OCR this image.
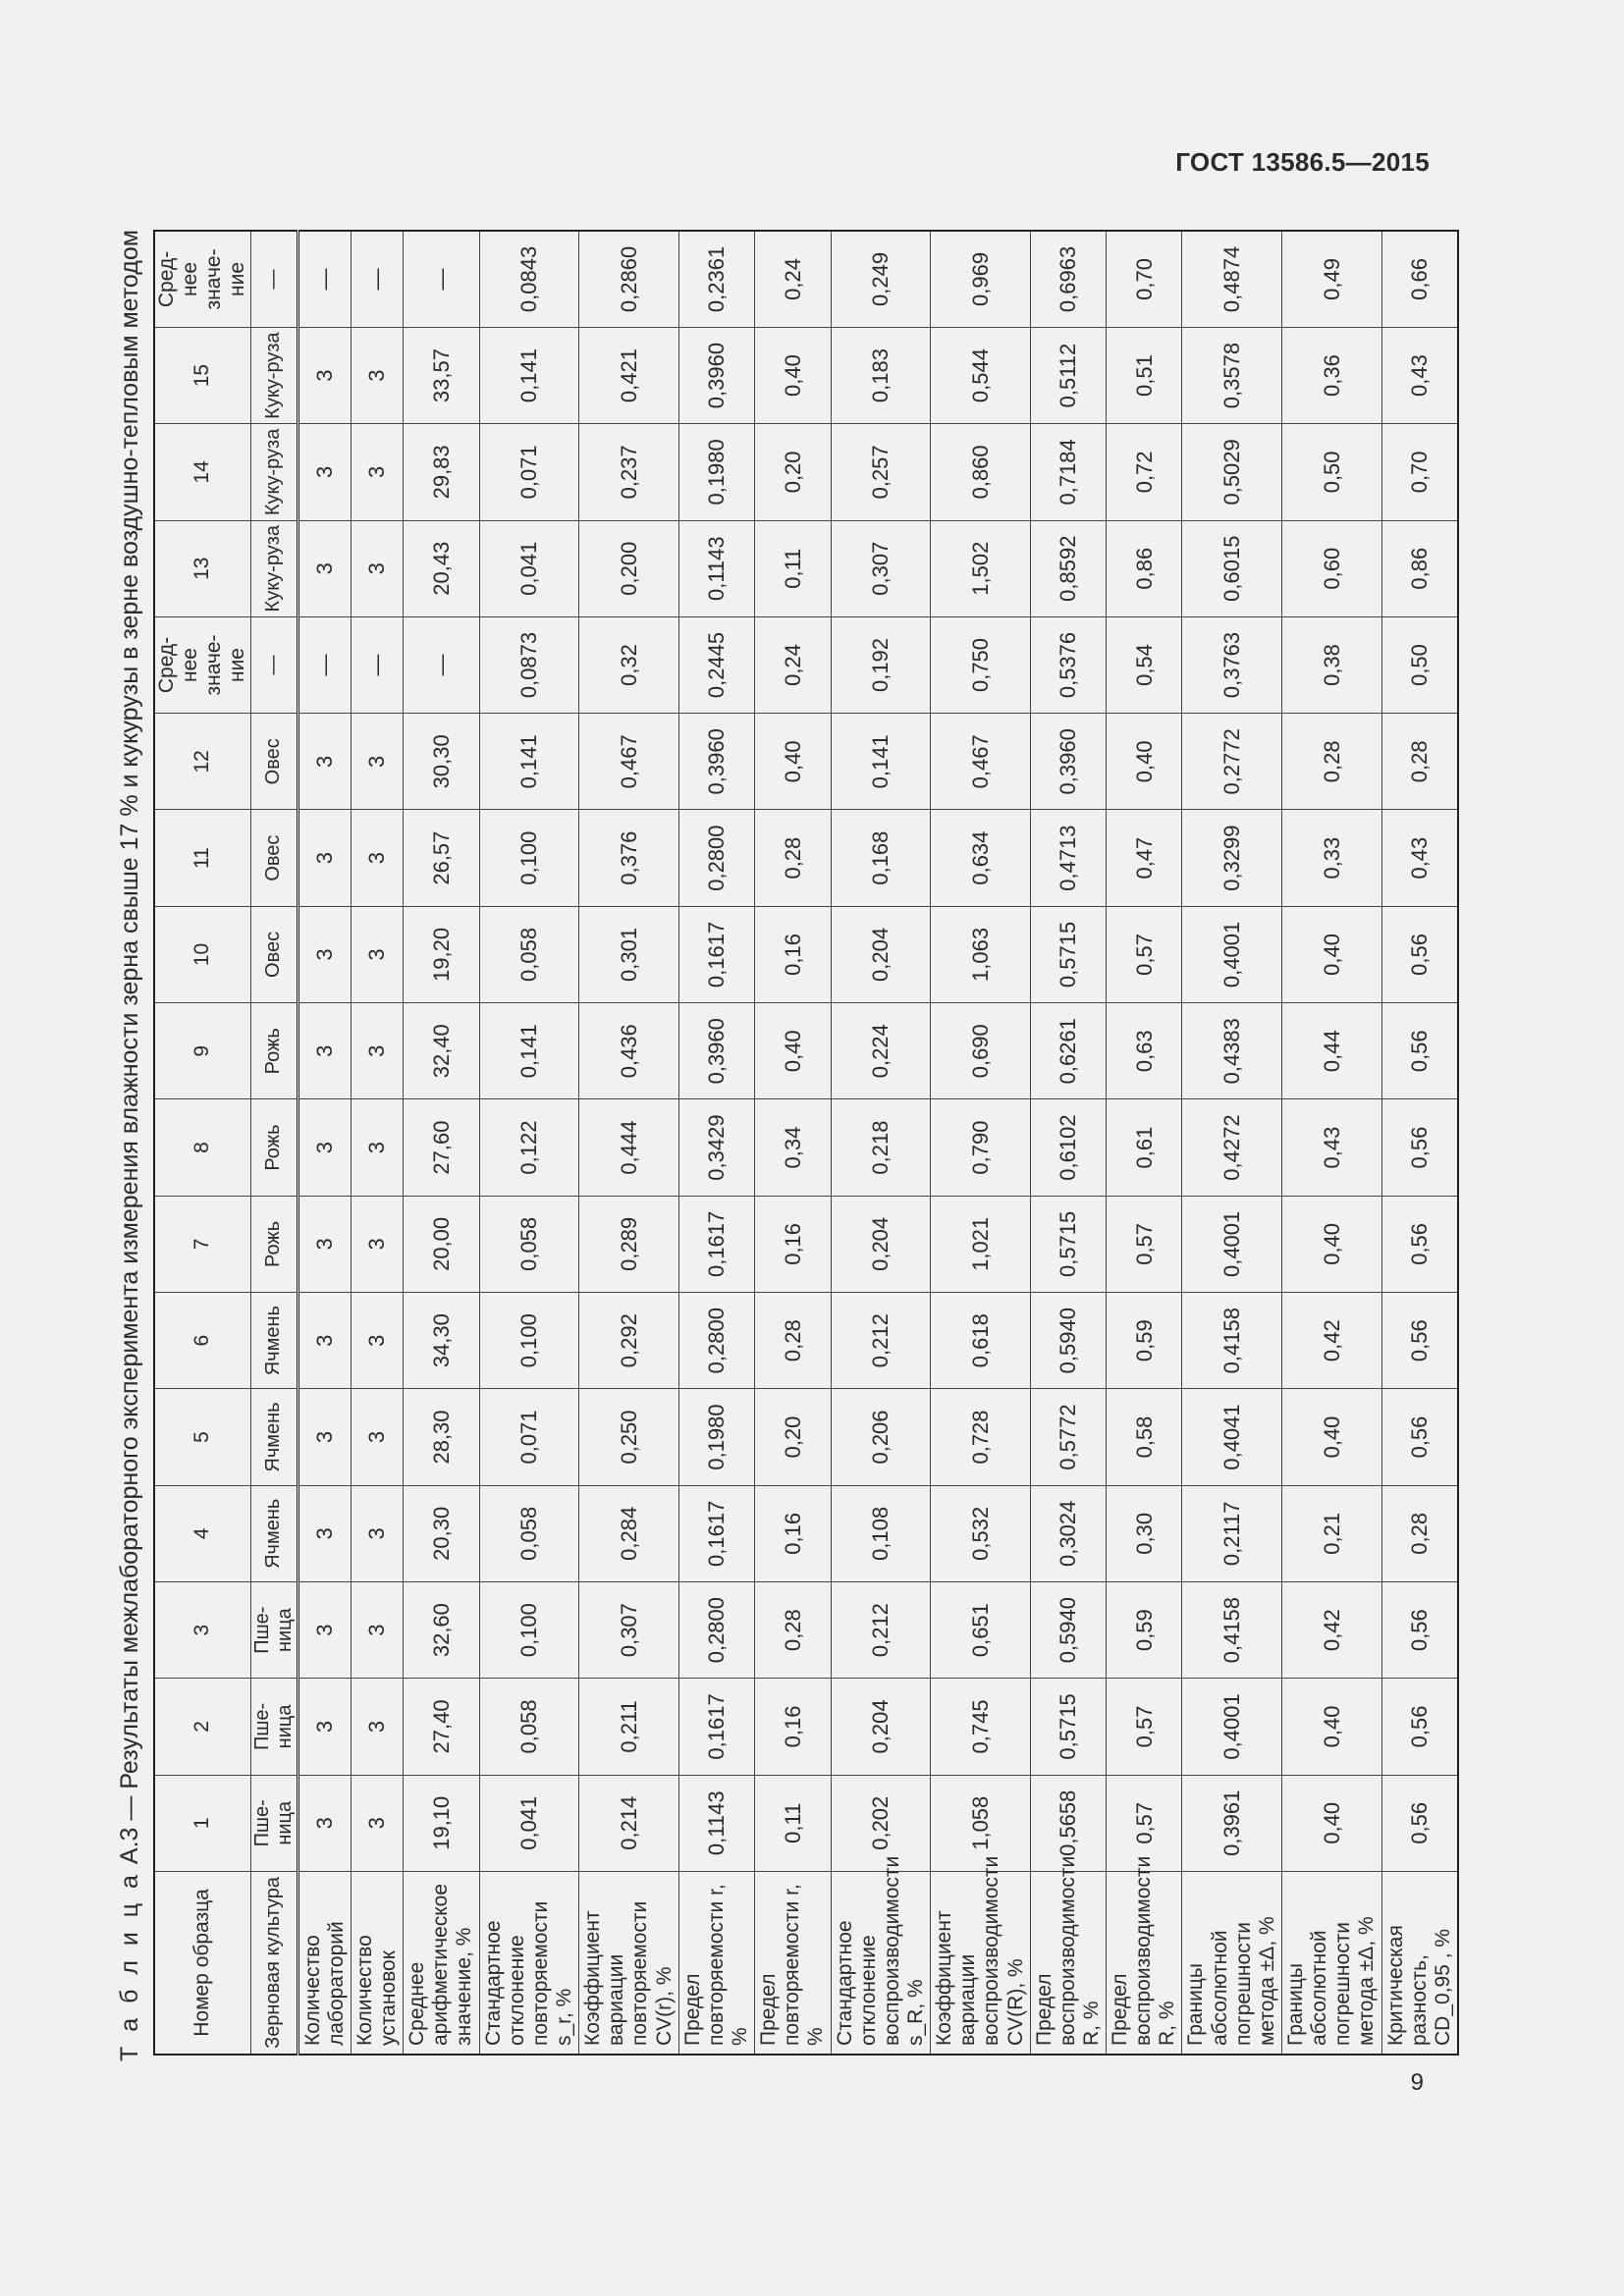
ГОСТ 13586.5—2015
Т а б л и ц а А.3 — Результаты межлабораторного эксперимента измерения влажности зерна свыше 17 % и кукурузы в зерне воздушно-тепловым методом
Номер образца	1	2	3	4	5	6	7	8	9	10	11	12	Сред-нее значе-ние	13	14	15	Сред-нее значе-ние
Зерновая культура	Пше-ница	Пше-ница	Пше-ница	Ячмень	Ячмень	Ячмень	Рожь	Рожь	Рожь	Овес	Овес	Овес	—	Куку-руза	Куку-руза	Куку-руза	—
Количество лабораторий	3	3	3	3	3	3	3	3	3	3	3	3	—	3	3	3	—
Количество установок	3	3	3	3	3	3	3	3	3	3	3	3	—	3	3	3	—
Среднее арифметическое значение, %	19,10	27,40	32,60	20,30	28,30	34,30	20,00	27,60	32,40	19,20	26,57	30,30	—	20,43	29,83	33,57	—
Стандартное отклонение повторяемости s_r, %	0,041	0,058	0,100	0,058	0,071	0,100	0,058	0,122	0,141	0,058	0,100	0,141	0,0873	0,041	0,071	0,141	0,0843
Коэффициент вариации повторяемости CV(r), %	0,214	0,211	0,307	0,284	0,250	0,292	0,289	0,444	0,436	0,301	0,376	0,467	0,32	0,200	0,237	0,421	0,2860
Предел повторяемости r, %	0,1143	0,1617	0,2800	0,1617	0,1980	0,2800	0,1617	0,3429	0,3960	0,1617	0,2800	0,3960	0,2445	0,1143	0,1980	0,3960	0,2361
Предел повторяемости r, %	0,11	0,16	0,28	0,16	0,20	0,28	0,16	0,34	0,40	0,16	0,28	0,40	0,24	0,11	0,20	0,40	0,24
Стандартное отклонение воспроизводимости s_R, %	0,202	0,204	0,212	0,108	0,206	0,212	0,204	0,218	0,224	0,204	0,168	0,141	0,192	0,307	0,257	0,183	0,249
Коэффициент вариации воспроизводимости CV(R), %	1,058	0,745	0,651	0,532	0,728	0,618	1,021	0,790	0,690	1,063	0,634	0,467	0,750	1,502	0,860	0,544	0,969
Предел воспроизводимости R, %	0,5658	0,5715	0,5940	0,3024	0,5772	0,5940	0,5715	0,6102	0,6261	0,5715	0,4713	0,3960	0,5376	0,8592	0,7184	0,5112	0,6963
Предел воспроизводимости R, %	0,57	0,57	0,59	0,30	0,58	0,59	0,57	0,61	0,63	0,57	0,47	0,40	0,54	0,86	0,72	0,51	0,70
Границы абсолютной погрешности метода ±Δ, %	0,3961	0,4001	0,4158	0,2117	0,4041	0,4158	0,4001	0,4272	0,4383	0,4001	0,3299	0,2772	0,3763	0,6015	0,5029	0,3578	0,4874
Границы абсолютной погрешности метода ±Δ, %	0,40	0,40	0,42	0,21	0,40	0,42	0,40	0,43	0,44	0,40	0,33	0,28	0,38	0,60	0,50	0,36	0,49
Критическая разность, CD_0,95 , %	0,56	0,56	0,56	0,28	0,56	0,56	0,56	0,56	0,56	0,56	0,43	0,28	0,50	0,86	0,70	0,43	0,66
9
